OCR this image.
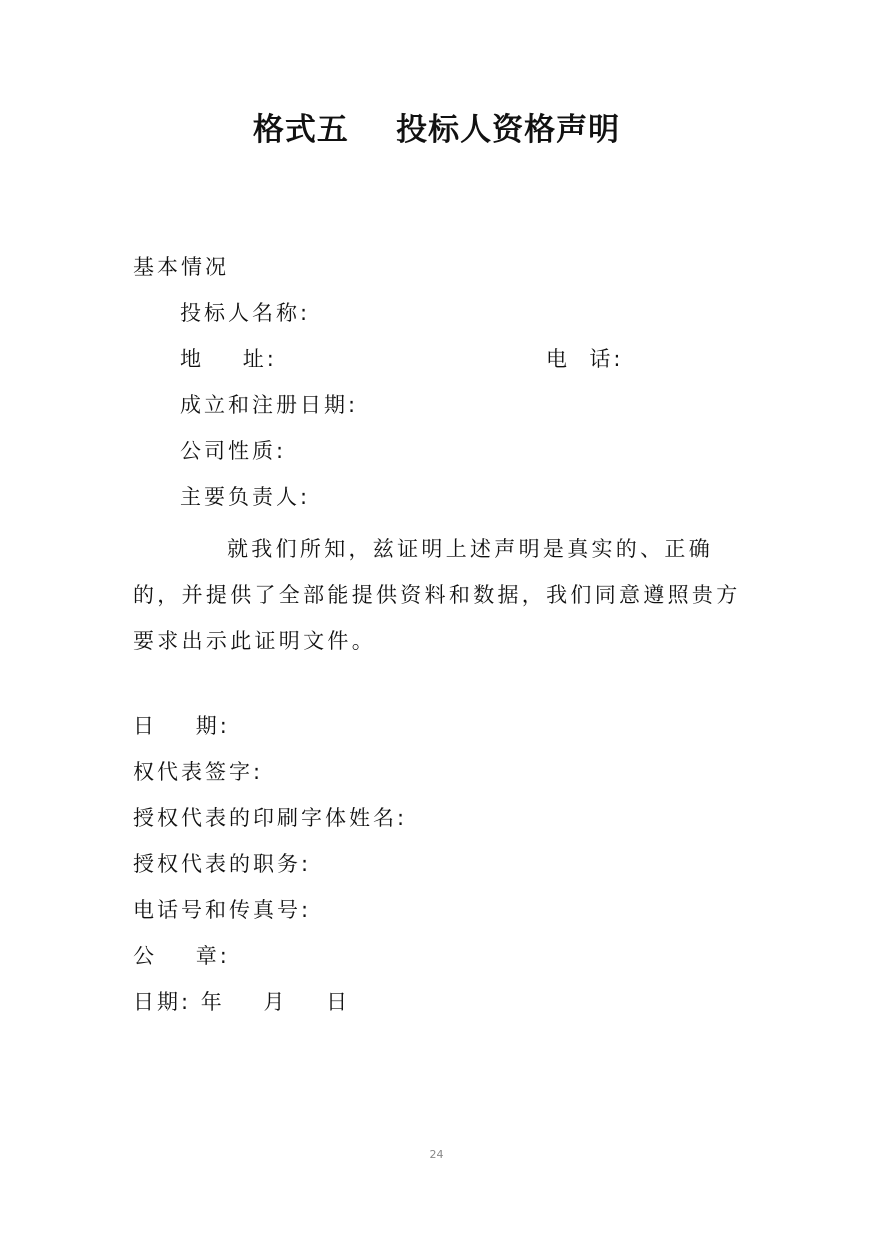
格式五    投标人资格声明
基本情况
投标人名称:
地    址:	电  话:
成立和注册日期:
公司性质:
主要负责人:

就我们所知，兹证明上述声明是真实的、正确的，并提供了全部能提供资料和数据，我们同意遵照贵方要求出示此证明文件。

日    期:
权代表签字:
授权代表的印刷字体姓名:
授权代表的职务:
电话号和传真号:
公    章:
日期: 年    月    日
24
